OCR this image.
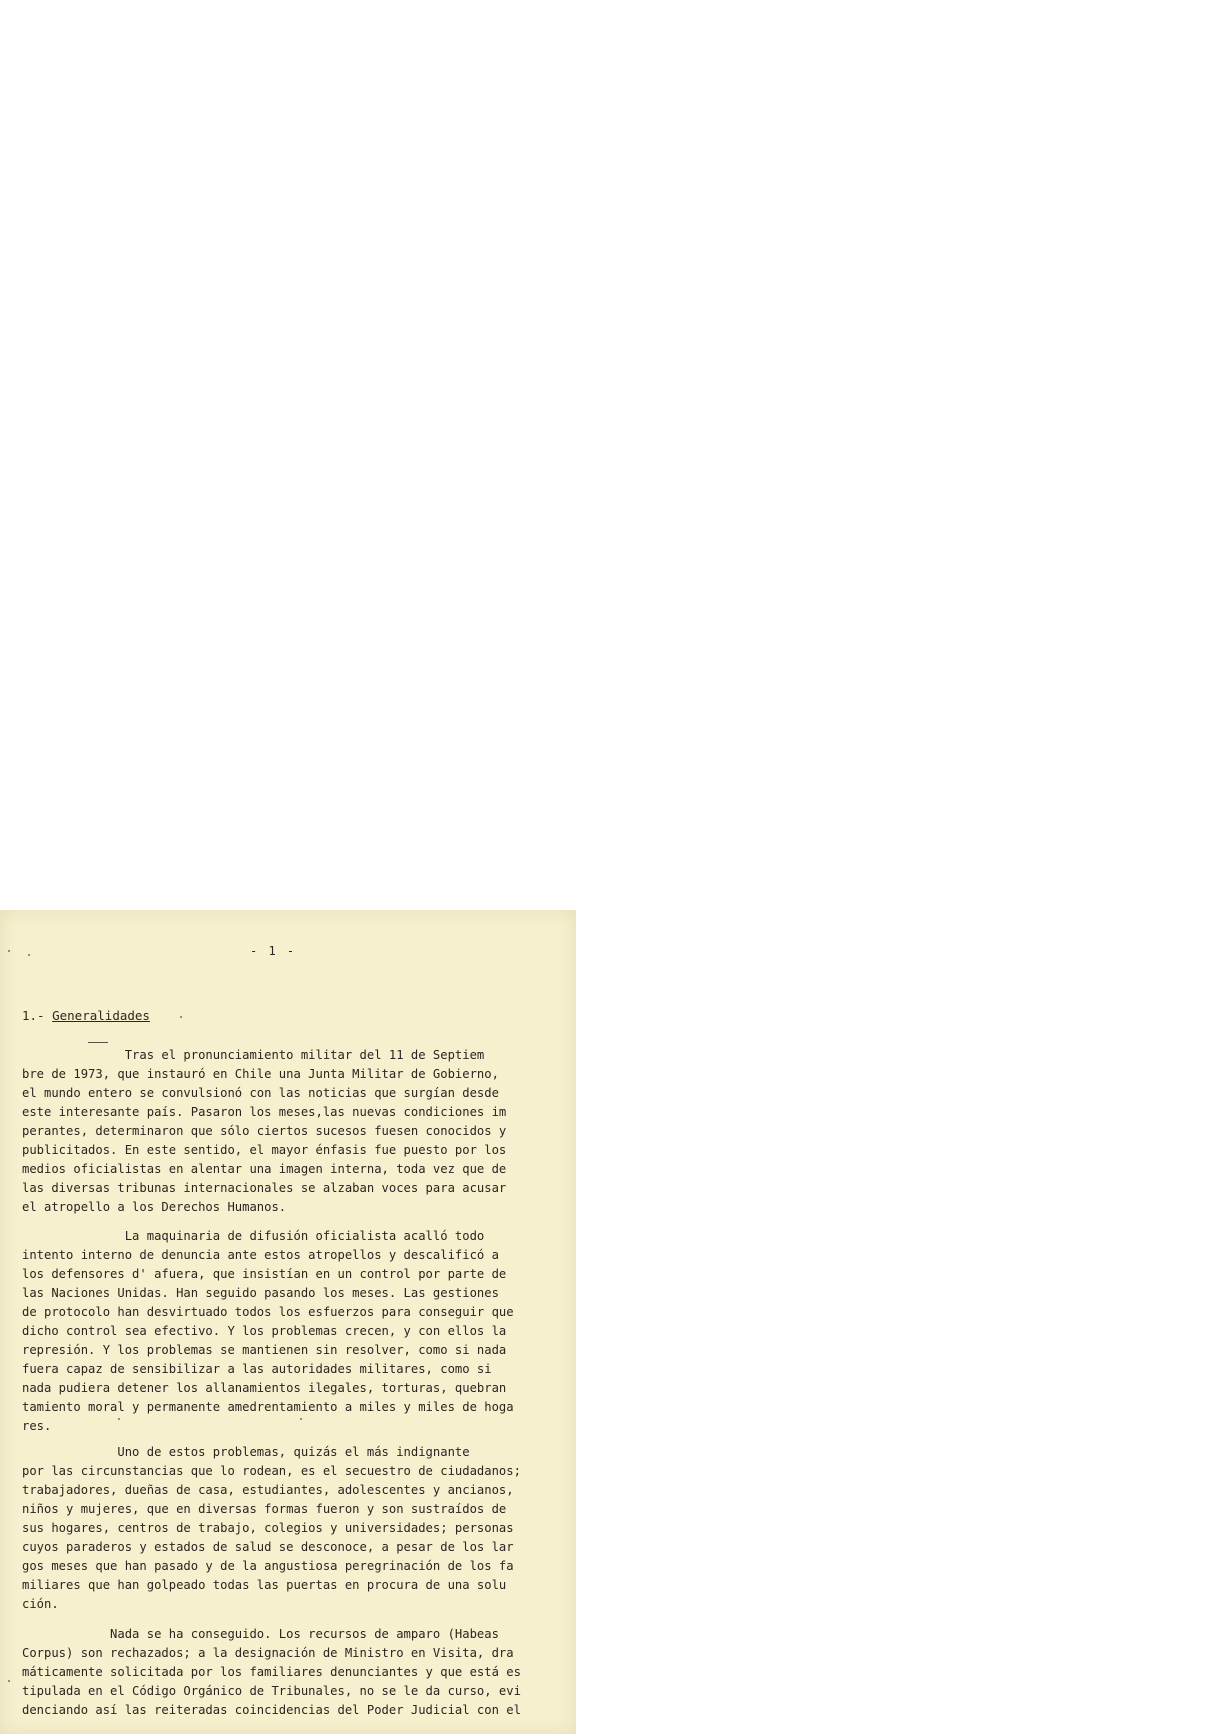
- 1 -
1.- Generalidades

Tras el pronunciamiento militar del 11 de Septiem
bre de 1973, que instauró en Chile una Junta Militar de Gobierno,
el mundo entero se convulsionó con las noticias que surgían desde
este interesante país. Pasaron los meses,las nuevas condiciones im
perantes, determinaron que sólo ciertos sucesos fuesen conocidos y
publicitados. En este sentido, el mayor énfasis fue puesto por los
medios oficialistas en alentar una imagen interna, toda vez que de
las diversas tribunas internacionales se alzaban voces para acusar
el atropello a los Derechos Humanos.

La maquinaria de difusión oficialista acalló todo
intento interno de denuncia ante estos atropellos y descalificó a
los defensores d' afuera, que insistían en un control por parte de
las Naciones Unidas. Han seguido pasando los meses. Las gestiones
de protocolo han desvirtuado todos los esfuerzos para conseguir que
dicho control sea efectivo. Y los problemas crecen, y con ellos la
represión. Y los problemas se mantienen sin resolver, como si nada
fuera capaz de sensibilizar a las autoridades militares, como si
nada pudiera detener los allanamientos ilegales, torturas, quebran
tamiento moral y permanente amedrentamiento a miles y miles de hoga
res.

Uno de estos problemas, quizás el más indignante
por las circunstancias que lo rodean, es el secuestro de ciudadanos;
trabajadores, dueñas de casa, estudiantes, adolescentes y ancianos,
niños y mujeres, que en diversas formas fueron y son sustraídos de
sus hogares, centros de trabajo, colegios y universidades; personas
cuyos paraderos y estados de salud se desconoce, a pesar de los lar
gos meses que han pasado y de la angustiosa peregrinación de los fa
miliares que han golpeado todas las puertas en procura de una solu
ción.

Nada se ha conseguido. Los recursos de amparo (Habeas
Corpus) son rechazados; a la designación de Ministro en Visita, dra
máticamente solicitada por los familiares denunciantes y que está es
tipulada en el Código Orgánico de Tribunales, no se le da curso, evi
denciando así las reiteradas coincidencias del Poder Judicial con el
